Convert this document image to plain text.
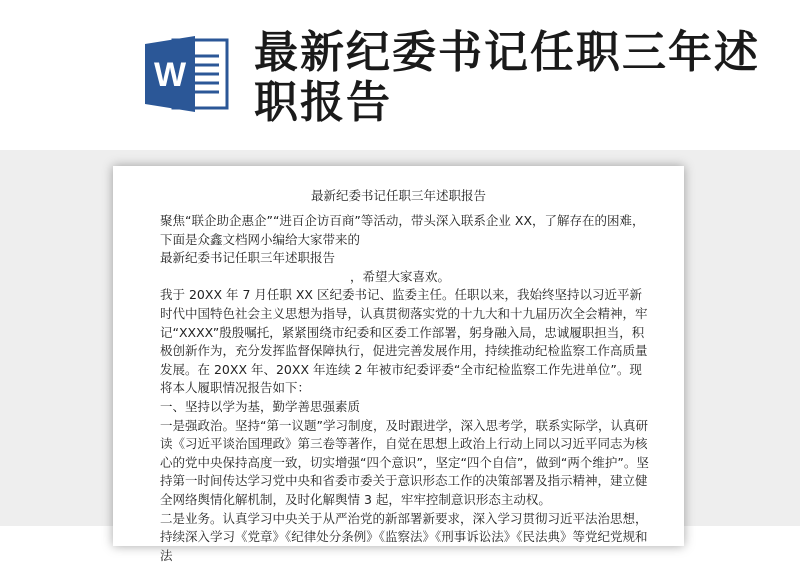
W 最新纪委书记任职三年述职报告
最新纪委书记任职三年述职报告

聚焦“联企助企惠企”“进百企访百商”等活动，带头深入联系企业 XX，了解存在的困难，下面是众鑫文档网小编给大家带来的

最新纪委书记任职三年述职报告

，希望大家喜欢。

我于 20XX 年 7 月任职 XX 区纪委书记、监委主任。任职以来，我始终坚持以习近平新时代中国特色社会主义思想为指导，认真贯彻落实党的十九大和十九届历次全会精神，牢记“XXXX”殷殷嘱托，紧紧围绕市纪委和区委工作部署，躬身融入局，忠诚履职担当，积极创新作为，充分发挥监督保障执行，促进完善发展作用，持续推动纪检监察工作高质量发展。在 20XX 年、20XX 年连续 2 年被市纪委评委“全市纪检监察工作先进单位”。现将本人履职情况报告如下：

一、坚持以学为基，勤学善思强素质

一是强政治。坚持“第一议题”学习制度，及时跟进学，深入思考学，联系实际学，认真研读《习近平谈治国理政》第三卷等著作，自觉在思想上政治上行动上同以习近平同志为核心的党中央保持高度一致，切实增强“四个意识”，坚定“四个自信”，做到“两个维护”。坚持第一时间传达学习党中央和省委市委关于意识形态工作的决策部署及指示精神，建立健全网络舆情化解机制，及时化解舆情 3 起，牢牢控制意识形态主动权。

二是业务。认真学习中央关于从严治党的新部署新要求，深入学习贯彻习近平法治思想，持续深入学习《党章》《纪律处分条例》《监察法》《刑事诉讼法》《民法典》等党纪党规和法
